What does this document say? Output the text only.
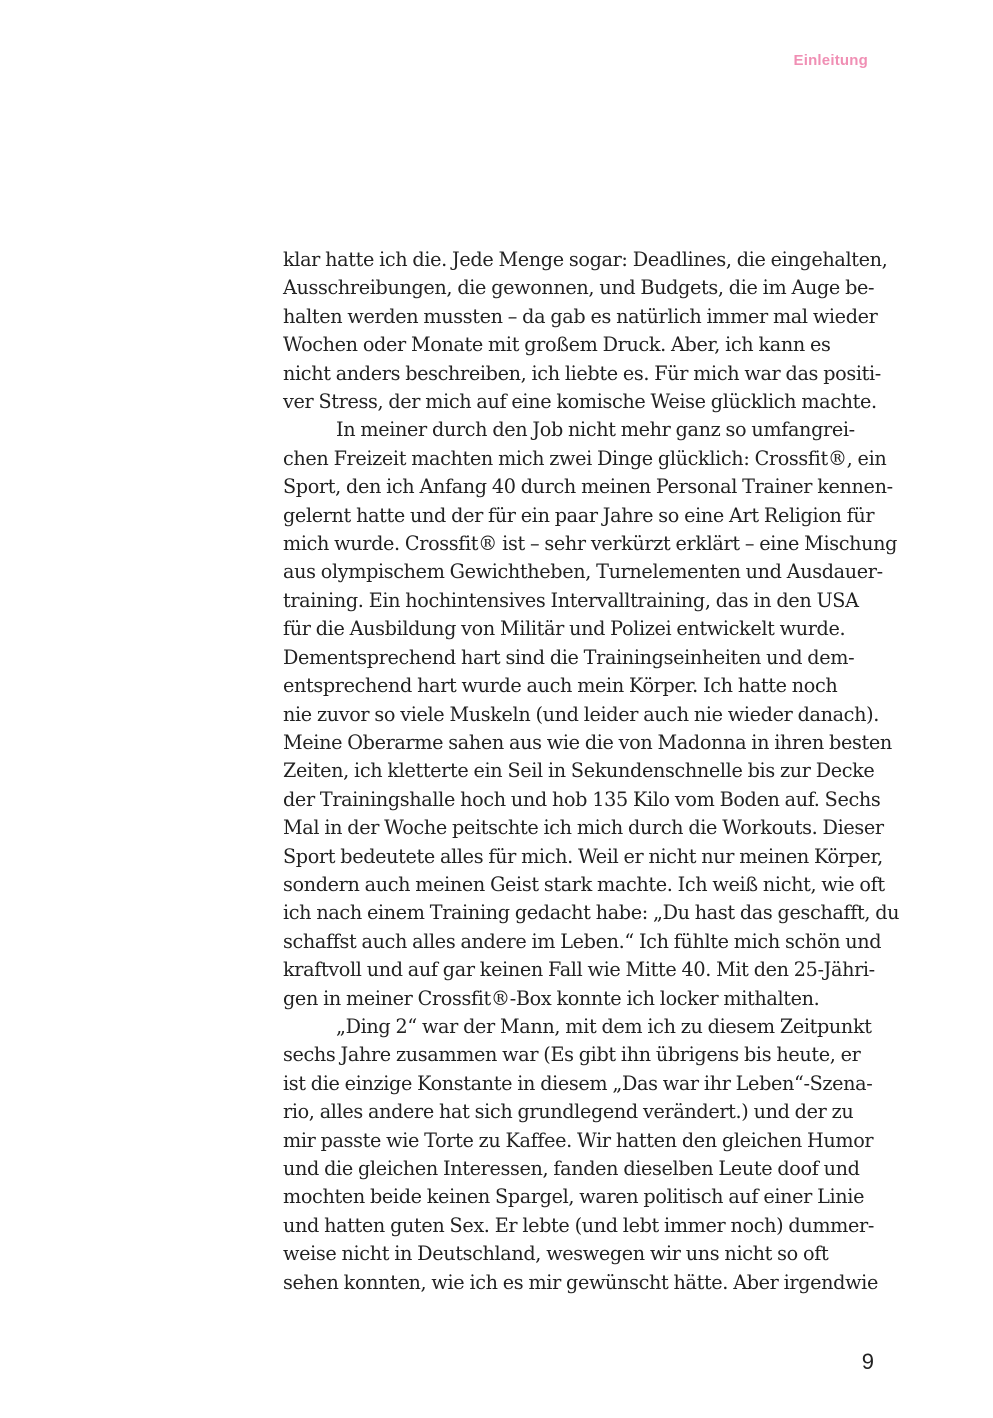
Einleitung
klar hatte ich die. Jede Menge sogar: Deadlines, die eingehalten,
Ausschreibungen, die gewonnen, und Budgets, die im Auge be-
halten werden mussten – da gab es natürlich immer mal wieder
Wochen oder Monate mit großem Druck. Aber, ich kann es
nicht anders beschreiben, ich liebte es. Für mich war das positi-
ver Stress, der mich auf eine komische Weise glücklich machte.
In meiner durch den Job nicht mehr ganz so umfangrei-
chen Freizeit machten mich zwei Dinge glücklich: Crossfit®, ein
Sport, den ich Anfang 40 durch meinen Personal Trainer kennen-
gelernt hatte und der für ein paar Jahre so eine Art Religion für
mich wurde. Crossfit® ist – sehr verkürzt erklärt – eine Mischung
aus olympischem Gewichtheben, Turnelementen und Ausdauer-
training. Ein hochintensives Intervalltraining, das in den USA
für die Ausbildung von Militär und Polizei entwickelt wurde.
Dementsprechend hart sind die Trainingseinheiten und dem-
entsprechend hart wurde auch mein Körper. Ich hatte noch
nie zuvor so viele Muskeln (und leider auch nie wieder danach).
Meine Oberarme sahen aus wie die von Madonna in ihren besten
Zeiten, ich kletterte ein Seil in Sekundenschnelle bis zur Decke
der Trainingshalle hoch und hob 135 Kilo vom Boden auf. Sechs
Mal in der Woche peitschte ich mich durch die Workouts. Dieser
Sport bedeutete alles für mich. Weil er nicht nur meinen Körper,
sondern auch meinen Geist stark machte. Ich weiß nicht, wie oft
ich nach einem Training gedacht habe: „Du hast das geschafft, du
schaffst auch alles andere im Leben.“ Ich fühlte mich schön und
kraftvoll und auf gar keinen Fall wie Mitte 40. Mit den 25-Jähri-
gen in meiner Crossfit®-Box konnte ich locker mithalten.
„Ding 2“ war der Mann, mit dem ich zu diesem Zeitpunkt
sechs Jahre zusammen war (Es gibt ihn übrigens bis heute, er
ist die einzige Konstante in diesem „Das war ihr Leben“-Szena-
rio, alles andere hat sich grundlegend verändert.) und der zu
mir passte wie Torte zu Kaffee. Wir hatten den gleichen Humor
und die gleichen Interessen, fanden dieselben Leute doof und
mochten beide keinen Spargel, waren politisch auf einer Linie
und hatten guten Sex. Er lebte (und lebt immer noch) dummer-
weise nicht in Deutschland, weswegen wir uns nicht so oft
sehen konnten, wie ich es mir gewünscht hätte. Aber irgendwie
9
